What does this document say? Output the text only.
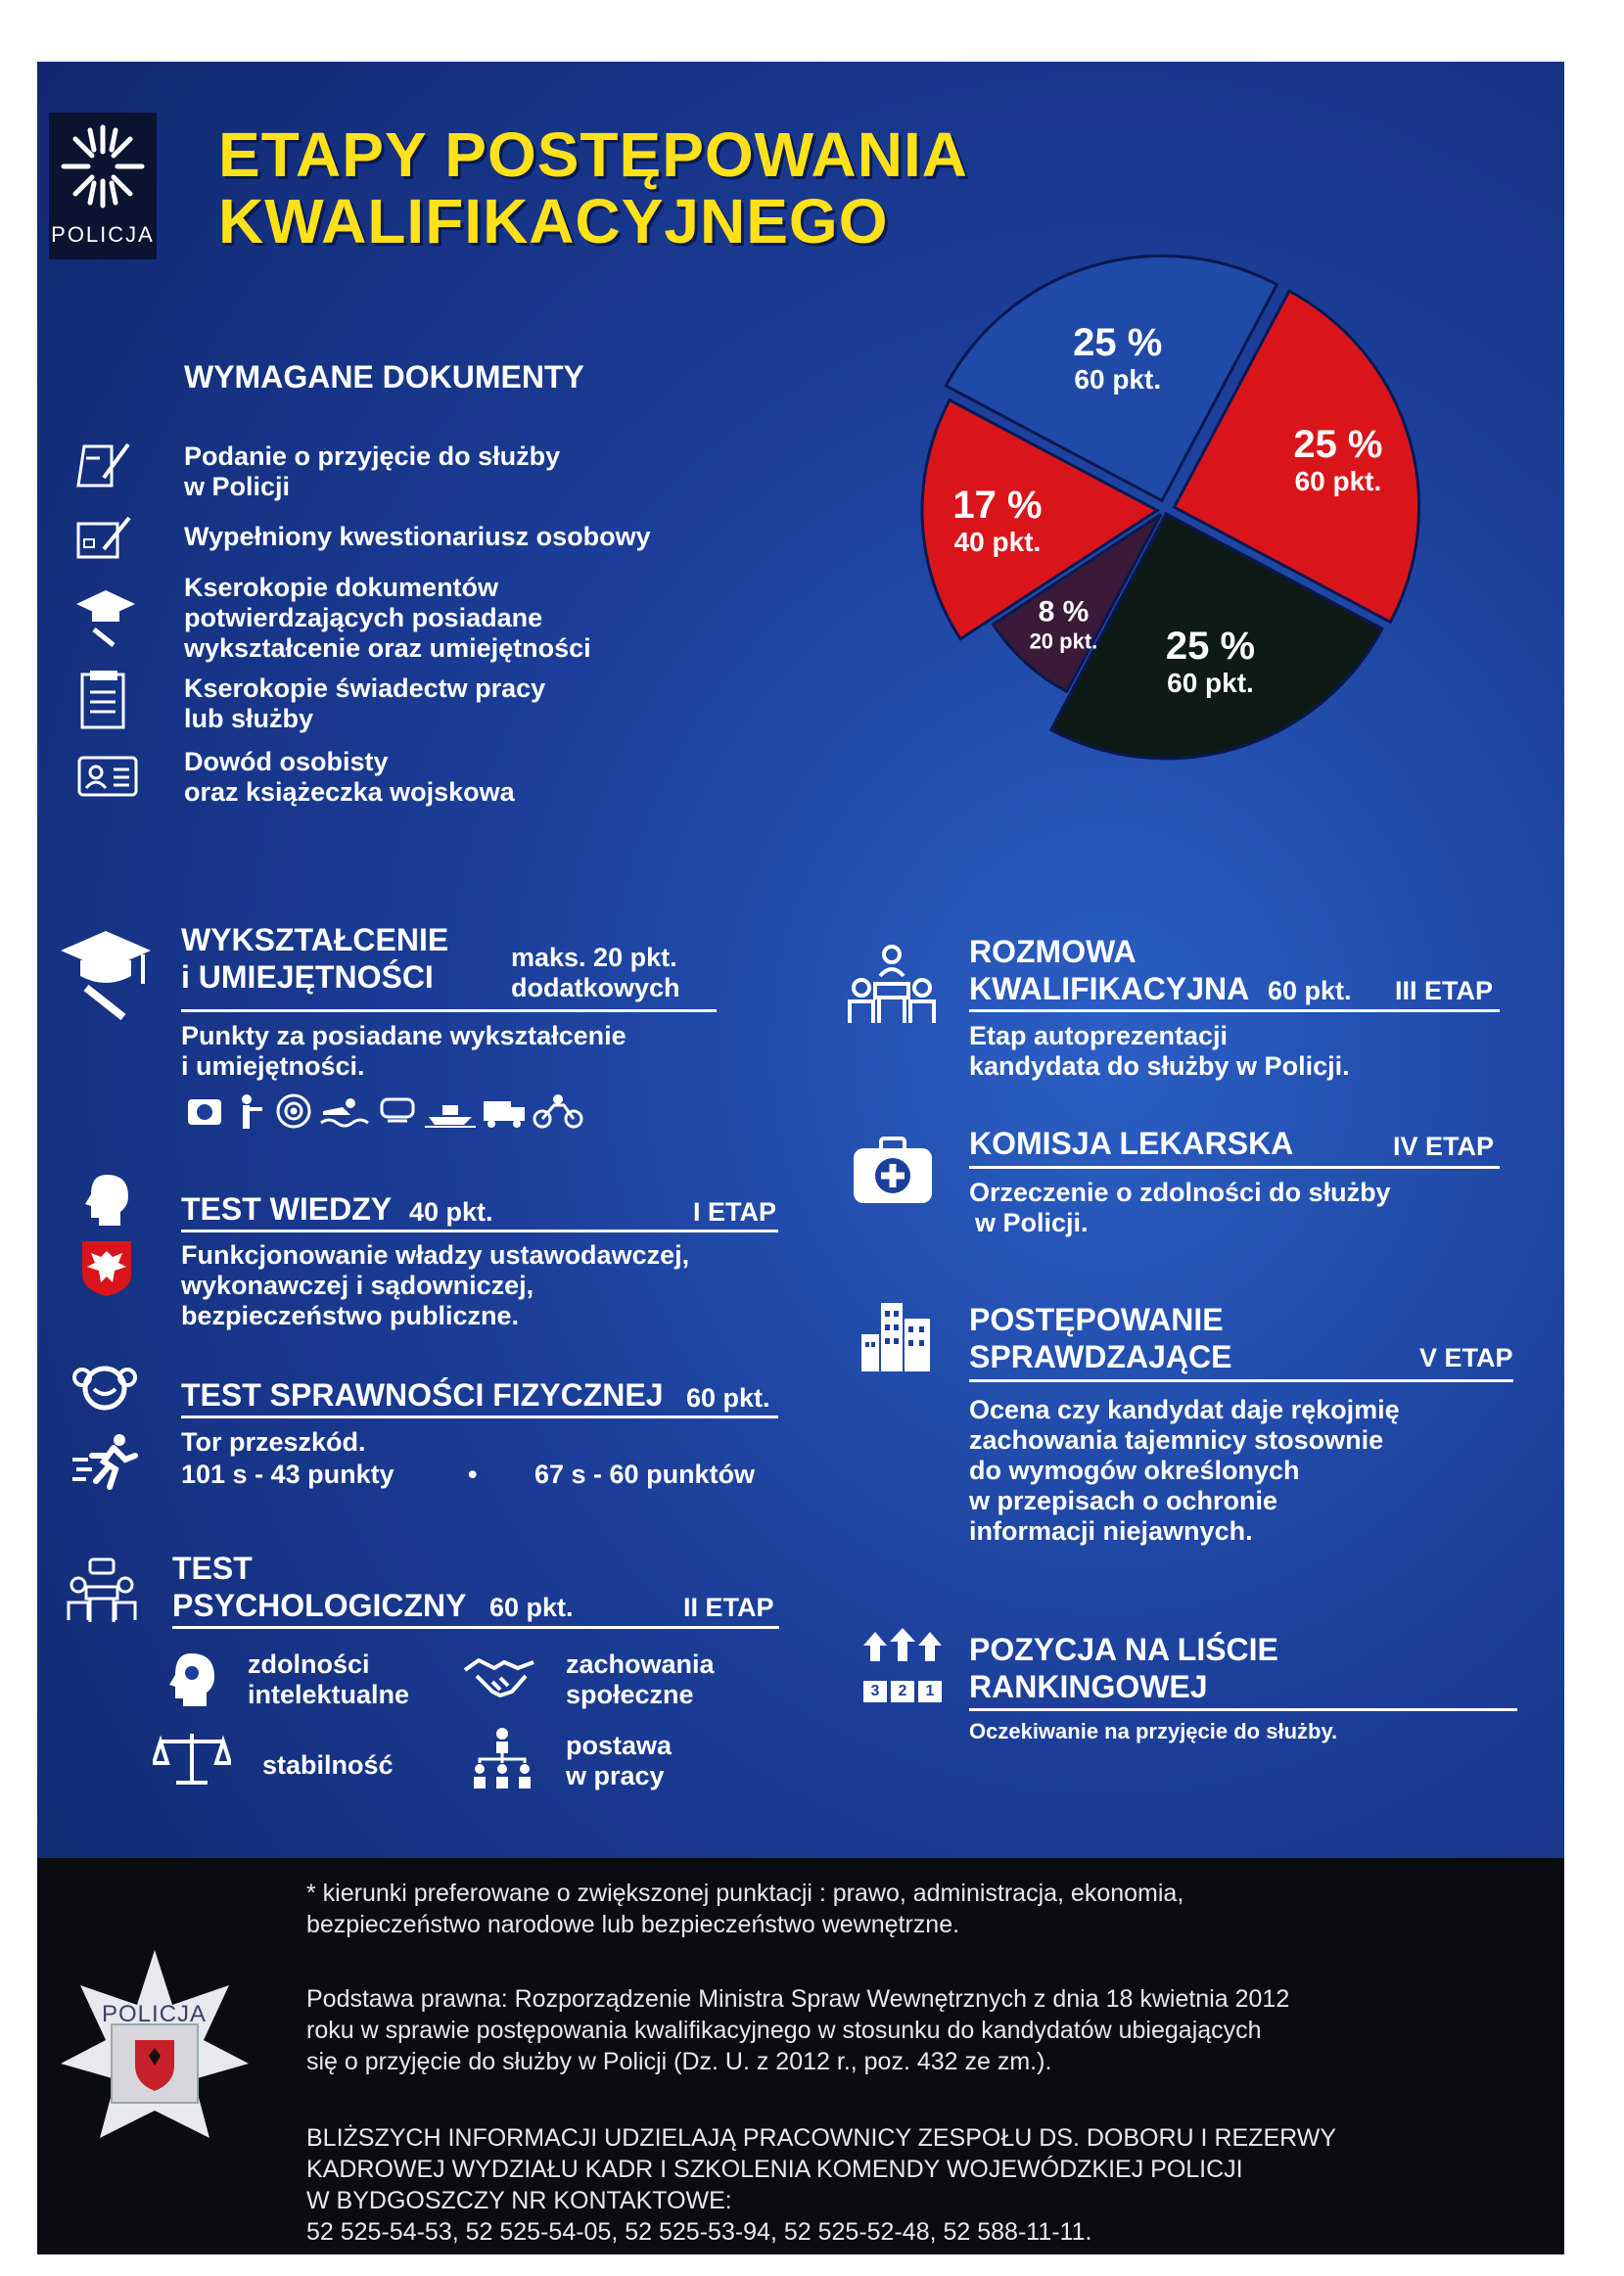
POLICJA
ETAPY POSTĘPOWANIA
KWALIFIKACYJNEGO
WYMAGANE DOKUMENTY
Podanie o przyjęcie do służby
w Policji
Wypełniony kwestionariusz osobowy
Kserokopie dokumentów
potwierdzających posiadane
wykształcenie oraz umiejętności
Kserokopie świadectw pracy
lub służby
Dowód osobisty
oraz książeczka wojskowa
25 %
60 pkt.
25 %
60 pkt.
25 %
60 pkt.
8 %
20 pkt.
17 %
40 pkt.
WYKSZTAŁCENIE
i UMIEJĘTNOŚCI
maks. 20 pkt.
dodatkowych
Punkty za posiadane wykształcenie
i umiejętności.
TEST WIEDZY 40 pkt.	I ETAP
Funkcjonowanie władzy ustawodawczej,
wykonawczej i sądowniczej,
bezpieczeństwo publiczne.
TEST SPRAWNOŚCI FIZYCZNEJ 60 pkt.
Tor przeszkód.
101 s - 43 punkty	• 67 s - 60 punktów
TEST
PSYCHOLOGICZNY 60 pkt.	II ETAP
zdolności
intelektualne
zachowania
społeczne
stabilność
postawa
w pracy
ROZMOWA
KWALIFIKACYJNA 60 pkt. III ETAP
Etap autoprezentacji
kandydata do służby w Policji.
KOMISJA LEKARSKA	IV ETAP
Orzeczenie o zdolności do służby
w Policji.
POSTĘPOWANIE
SPRAWDZAJĄCE	V ETAP
Ocena czy kandydat daje rękojmię
zachowania tajemnicy stosownie
do wymogów określonych
w przepisach o ochronie
informacji niejawnych.
3	2	1
POZYCJA NA LIŚCIE
RANKINGOWEJ
Oczekiwanie na przyjęcie do służby.
POLICJA
* kierunki preferowane o zwiększonej punktacji : prawo, administracja, ekonomia,
bezpieczeństwo narodowe lub bezpieczeństwo wewnętrzne.
Podstawa prawna: Rozporządzenie Ministra Spraw Wewnętrznych z dnia 18 kwietnia 2012
roku w sprawie postępowania kwalifikacyjnego w stosunku do kandydatów ubiegających
się o przyjęcie do służby w Policji (Dz. U. z 2012 r., poz. 432 ze zm.).
BLIŻSZYCH INFORMACJI UDZIELAJĄ PRACOWNICY ZESPOŁU DS. DOBORU I REZERWY
KADROWEJ WYDZIAŁU KADR I SZKOLENIA KOMENDY WOJEWÓDZKIEJ POLICJI
W BYDGOSZCZY NR KONTAKTOWE:
52 525-54-53, 52 525-54-05, 52 525-53-94, 52 525-52-48, 52 588-11-11.
